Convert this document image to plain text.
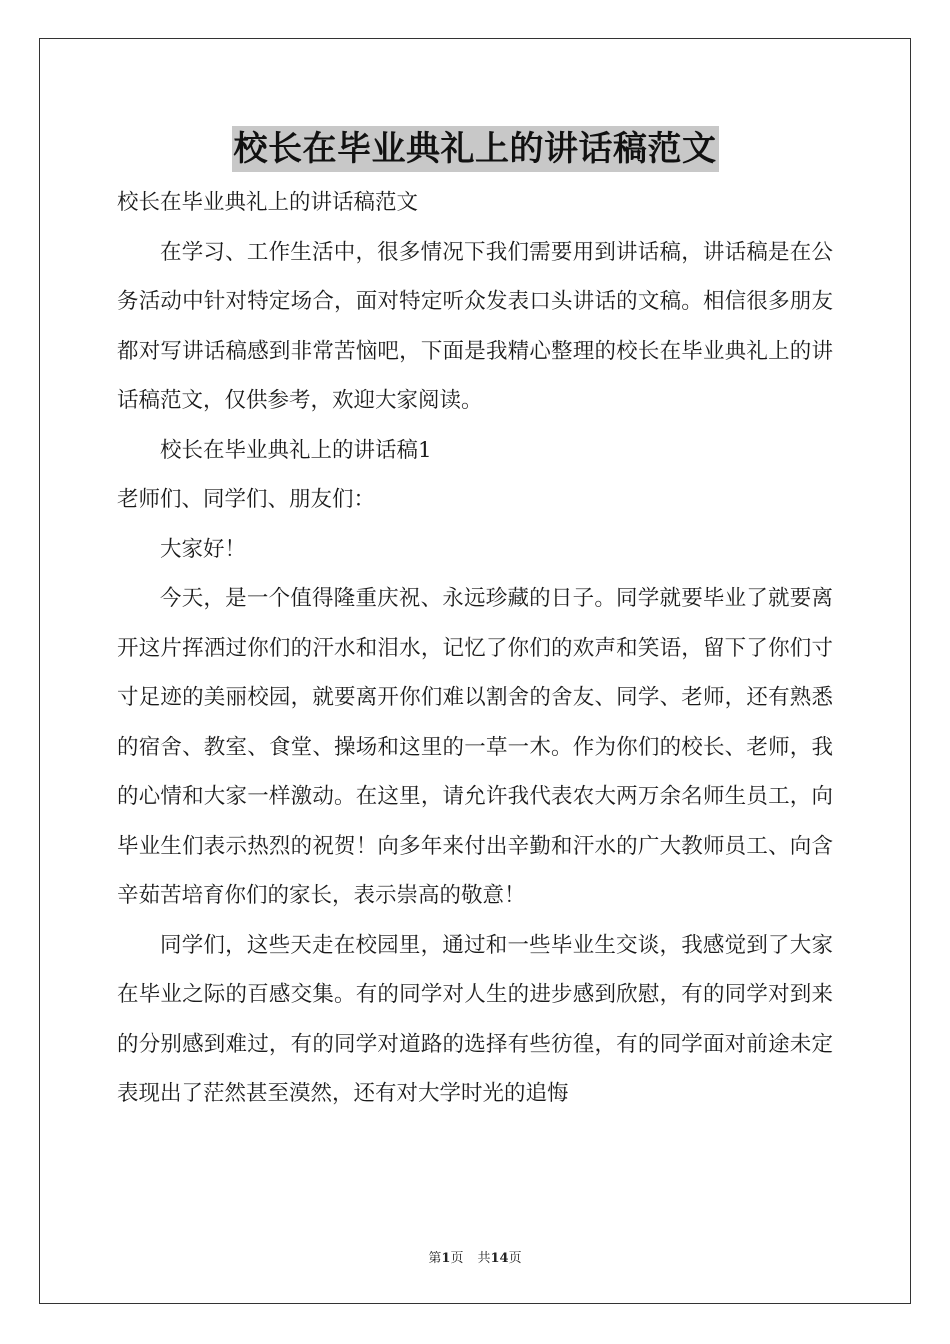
校长在毕业典礼上的讲话稿范文

校长在毕业典礼上的讲话稿范文

在学习、工作生活中，很多情况下我们需要用到讲话稿，讲话稿是在公务活动中针对特定场合，面对特定听众发表口头讲话的文稿。相信很多朋友都对写讲话稿感到非常苦恼吧，下面是我精心整理的校长在毕业典礼上的讲话稿范文，仅供参考，欢迎大家阅读。

校长在毕业典礼上的讲话稿1

老师们、同学们、朋友们：

大家好！

今天，是一个值得隆重庆祝、永远珍藏的日子。同学就要毕业了就要离开这片挥洒过你们的汗水和泪水，记忆了你们的欢声和笑语，留下了你们寸寸足迹的美丽校园，就要离开你们难以割舍的舍友、同学、老师，还有熟悉的宿舍、教室、食堂、操场和这里的一草一木。作为你们的校长、老师，我的心情和大家一样激动。在这里，请允许我代表农大两万余名师生员工，向毕业生们表示热烈的祝贺！向多年来付出辛勤和汗水的广大教师员工、向含辛茹苦培育你们的家长，表示崇高的敬意！

同学们，这些天走在校园里，通过和一些毕业生交谈，我感觉到了大家在毕业之际的百感交集。有的同学对人生的进步感到欣慰，有的同学对到来的分别感到难过，有的同学对道路的选择有些彷徨，有的同学面对前途未定表现出了茫然甚至漠然，还有对大学时光的追悔

第1页 共14页
